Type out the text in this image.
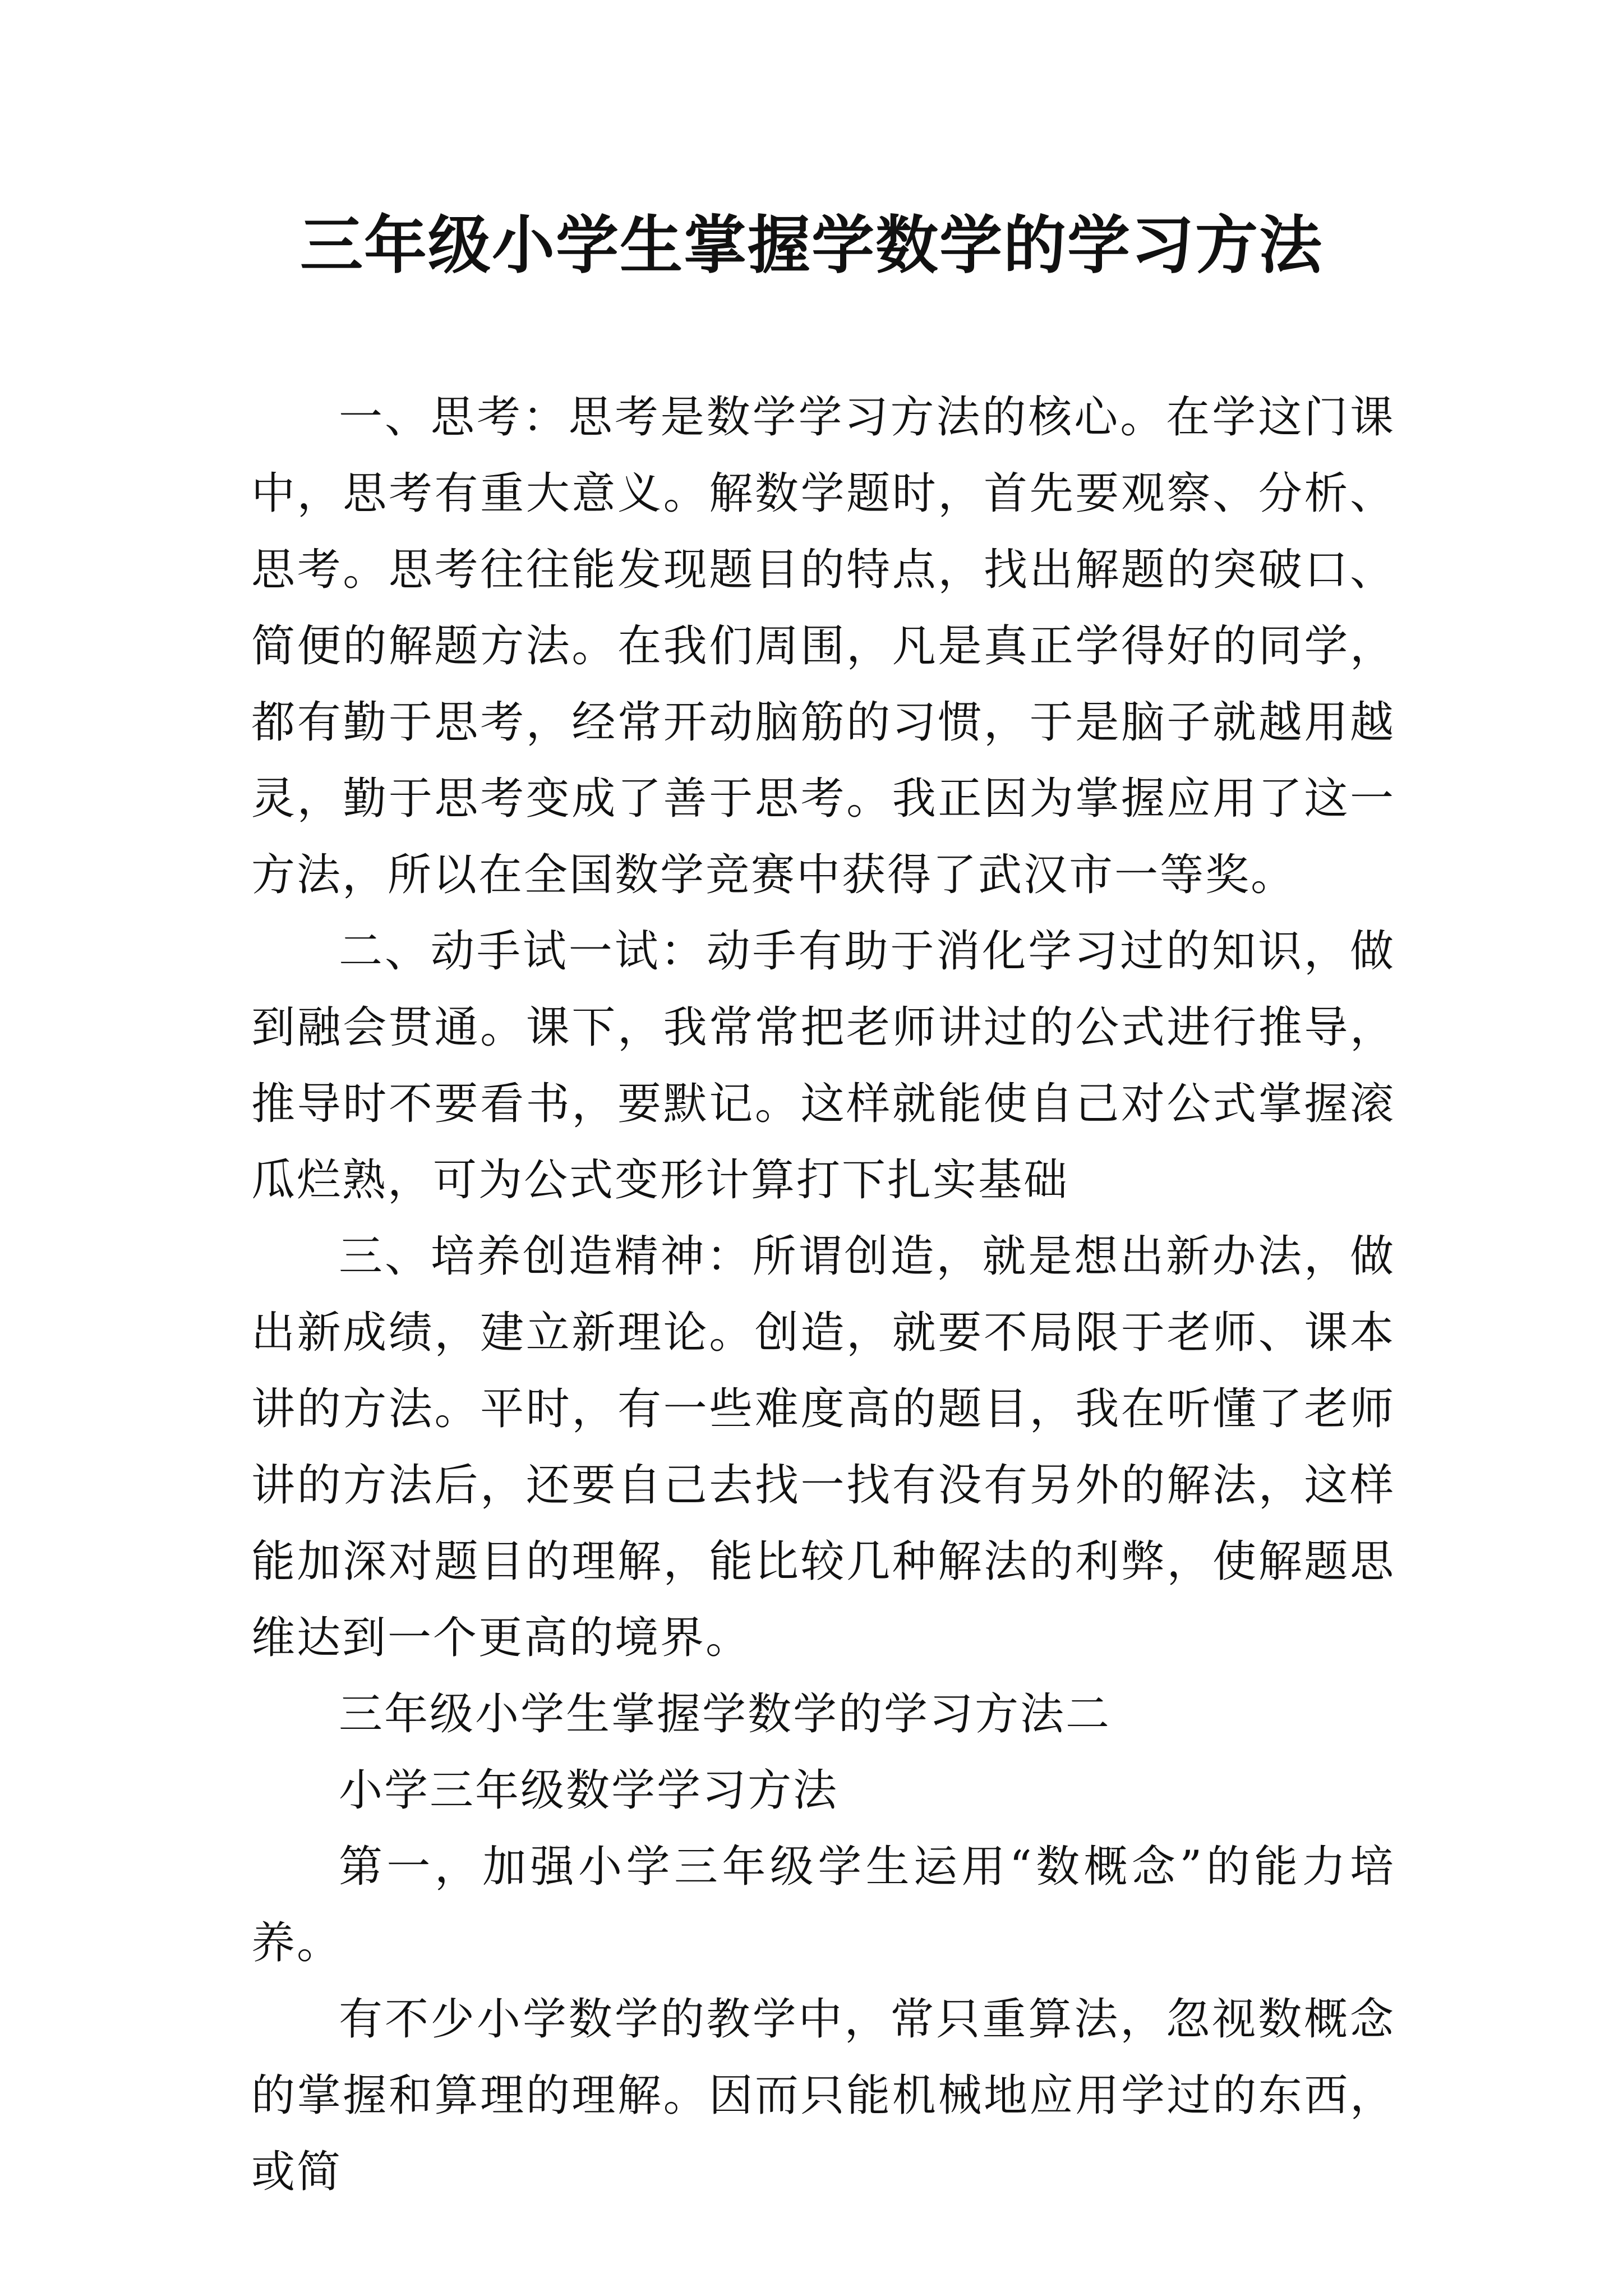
三年级小学生掌握学数学的学习方法

一、思考：思考是数学学习方法的核心。在学这门课中，思考有重大意义。解数学题时，首先要观察、分析、思考。思考往往能发现题目的特点，找出解题的突破口、简便的解题方法。在我们周围，凡是真正学得好的同学，都有勤于思考，经常开动脑筋的习惯，于是脑子就越用越灵，勤于思考变成了善于思考。我正因为掌握应用了这一方法，所以在全国数学竞赛中获得了武汉市一等奖。

二、动手试一试：动手有助于消化学习过的知识，做到融会贯通。课下，我常常把老师讲过的公式进行推导，推导时不要看书，要默记。这样就能使自己对公式掌握滚瓜烂熟，可为公式变形计算打下扎实基础

三、培养创造精神：所谓创造，就是想出新办法，做出新成绩，建立新理论。创造，就要不局限于老师、课本讲的方法。平时，有一些难度高的题目，我在听懂了老师讲的方法后，还要自己去找一找有没有另外的解法，这样能加深对题目的理解，能比较几种解法的利弊，使解题思维达到一个更高的境界。

三年级小学生掌握学数学的学习方法二

小学三年级数学学习方法

第一，加强小学三年级学生运用“数概念”的能力培养。

有不少小学数学的教学中，常只重算法，忽视数概念的掌握和算理的理解。因而只能机械地应用学过的东西，或简
